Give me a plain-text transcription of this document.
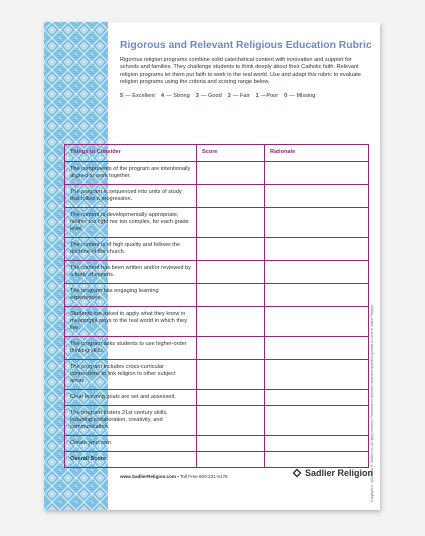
Rigorous and Relevant Religious Education Rubric

Rigorous religion programs combine solid catechetical content with innovation and support for schools and families. They challenge students to think deeply about their Catholic faith. Relevant religion programs let them put faith to work in the real world. Use and adapt this rubric to evaluate religion programs using the criteria and scoring range below.

5 — Excellent 4 — Strong 3 — Good 2 — Fair 1 —Poor 0 — Missing
Things to Consider	Score	Rationale
The components of the program are intentionally aligned to work together.		
The program is sequenced into units of study that follow a progression.		
The content is developmentally appropriate, neither too light nor too complex, for each grade level.		
The content is of high quality and follows the doctrine of the church.		
The content has been written and/or reviewed by a body of experts.		
The program has engaging learning experiences.		
Students are asked to apply what they know in meaningful ways to the real world in which they live.		
The program asks students to use higher-order thinking skills.		
The program includes cross-curricular connections to link religion to other subject areas.		
Clear learning goals are set and assessed.		
The program fosters 21st century skills, including collaboration, creativity, and communication.		
Create your own		
Overall Score		
www.SadlierReligion.com • Toll Free 800-221-5175	Sadlier Religion
Copyright © by William H. Sadlier, Inc. All rights reserved. Permission to duplicate classroom quantities granted to users of Sadlier Religion.
